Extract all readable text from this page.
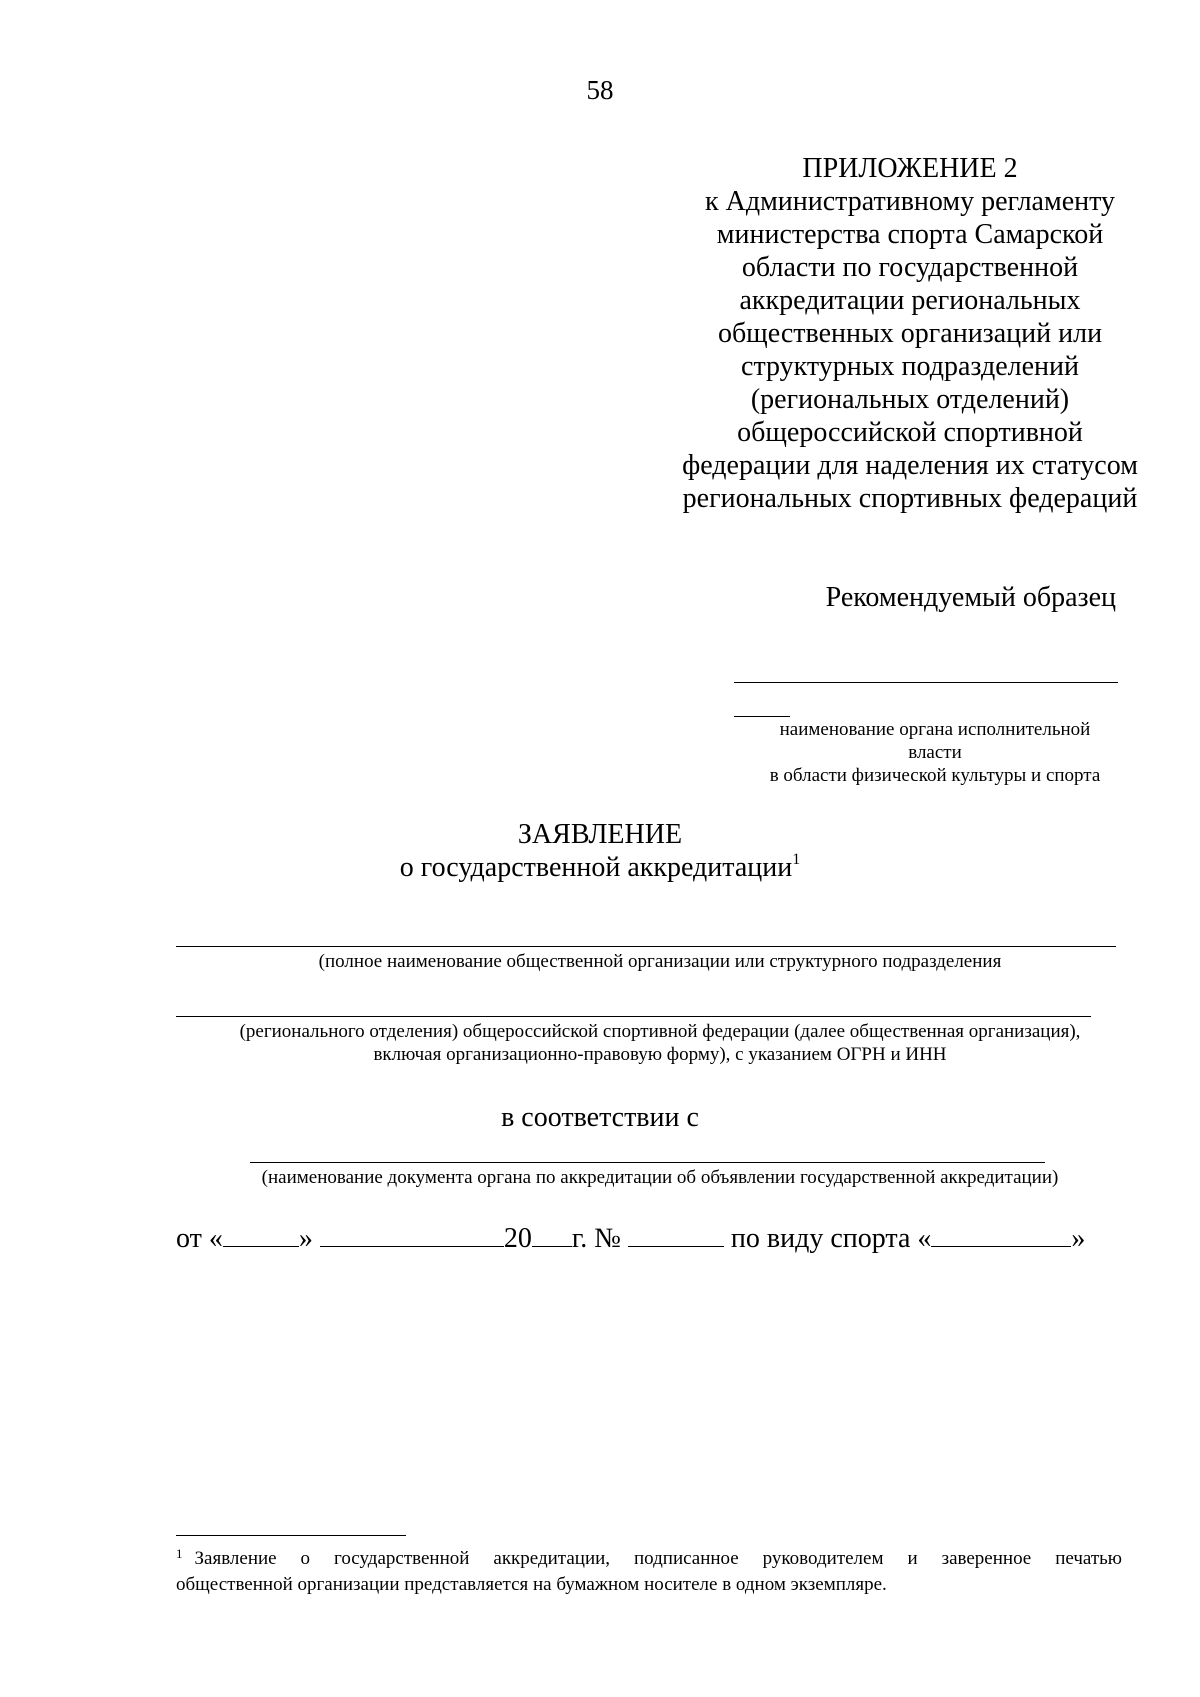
58
ПРИЛОЖЕНИЕ 2
к Административному регламенту
министерства спорта Самарской
области по государственной
аккредитации региональных
общественных организаций или
структурных подразделений
(региональных отделений)
общероссийской спортивной
федерации для наделения их статусом
региональных спортивных федераций
Рекомендуемый образец
наименование органа исполнительной
власти
в области физической культуры и спорта
ЗАЯВЛЕНИЕ
о государственной аккредитации$^1$
(полное наименование общественной организации или структурного подразделения
(регионального отделения) общероссийской спортивной федерации (далее общественная организация),
включая организационно-правовую форму), с указанием ОГРН и ИНН
в соответствии с
(наименование документа органа по аккредитации об объявлении государственной аккредитации)
от «	»	20 г. №	по виду спорта «	»
$^1$ Заявление о государственной аккредитации, подписанное руководителем и заверенное печатью
общественной организации представляется на бумажном носителе в одном экземпляре.
